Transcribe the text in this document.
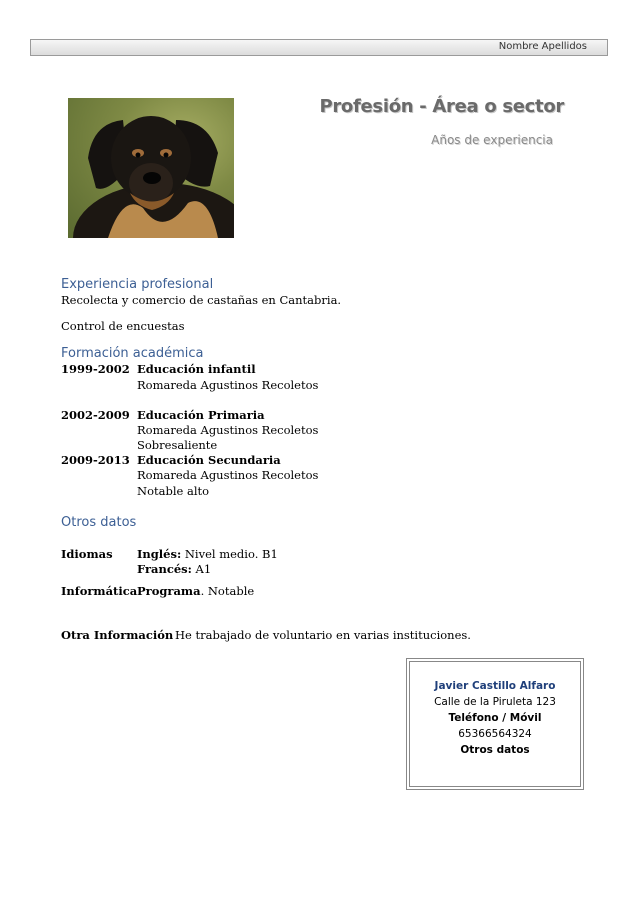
Nombre Apellidos
Profesión - Área o sector
Años de experiencia
Experiencia profesional
Recolecta y comercio de castañas en Cantabria.
Control de encuestas
Formación académica
1999-2002 Educación infantil
Romareda Agustinos Recoletos
2002-2009 Educación Primaria
Romareda Agustinos Recoletos
Sobresaliente
2009-2013 Educación Secundaria
Romareda Agustinos Recoletos
Notable alto
Otros datos
Idiomas Inglés: Nivel medio. B1
Francés: A1
Informática Programa. Notable
Otra Información He trabajado de voluntario en varias instituciones.
Javier Castillo Alfaro
Calle de la Piruleta 123
Teléfono / Móvil
65366564324
Otros datos
